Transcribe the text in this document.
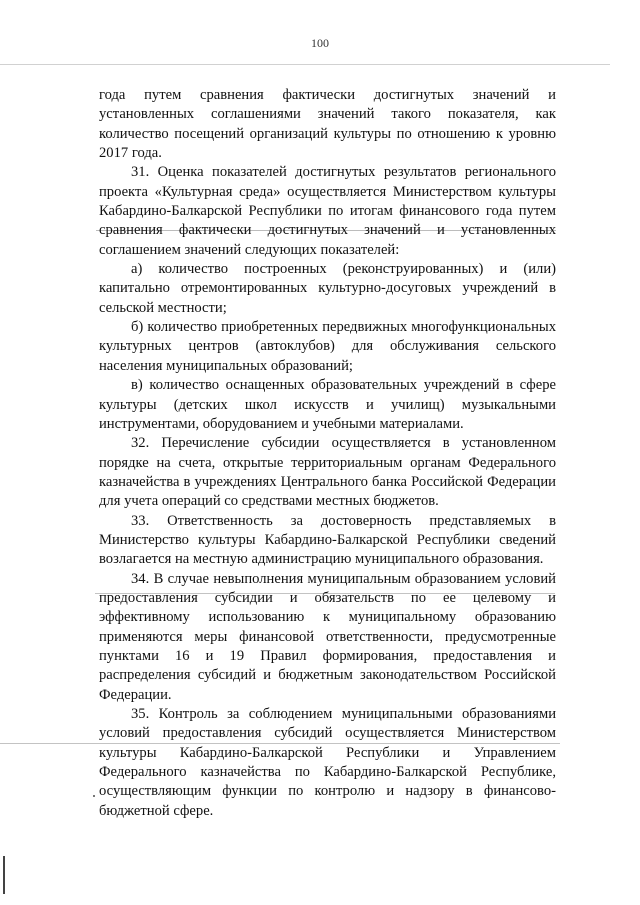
100

года путем сравнения фактически достигнутых значений и установленных соглашениями значений такого показателя, как количество посещений организаций культуры по отношению к уровню 2017 года.

31. Оценка показателей достигнутых результатов регионального проекта «Культурная среда» осуществляется Министерством культуры Кабардино-Балкарской Республики по итогам финансового года путем сравнения фактически достигнутых значений и установленных соглашением значений следующих показателей:

а) количество построенных (реконструированных) и (или) капитально отремонтированных культурно-досуговых учреждений в сельской местности;

б) количество приобретенных передвижных многофункциональных культурных центров (автоклубов) для обслуживания сельского населения муниципальных образований;

в) количество оснащенных образовательных учреждений в сфере культуры (детских школ искусств и училищ) музыкальными инструментами, оборудованием и учебными материалами.

32. Перечисление субсидии осуществляется в установленном порядке на счета, открытые территориальным органам Федерального казначейства в учреждениях Центрального банка Российской Федерации для учета операций со средствами местных бюджетов.

33. Ответственность за достоверность представляемых в Министерство культуры Кабардино-Балкарской Республики сведений возлагается на местную администрацию муниципального образования.

34. В случае невыполнения муниципальным образованием условий предоставления субсидии и обязательств по ее целевому и эффективному использованию к муниципальному образованию применяются меры финансовой ответственности, предусмотренные пунктами 16 и 19 Правил формирования, предоставления и распределения субсидий и бюджетным законодательством Российской Федерации.

35. Контроль за соблюдением муниципальными образованиями условий предоставления субсидий осуществляется Министерством культуры Кабардино-Балкарской Республики и Управлением Федерального казначейства по Кабардино-Балкарской Республике, осуществляющим функции по контролю и надзору в финансово-бюджетной сфере.
